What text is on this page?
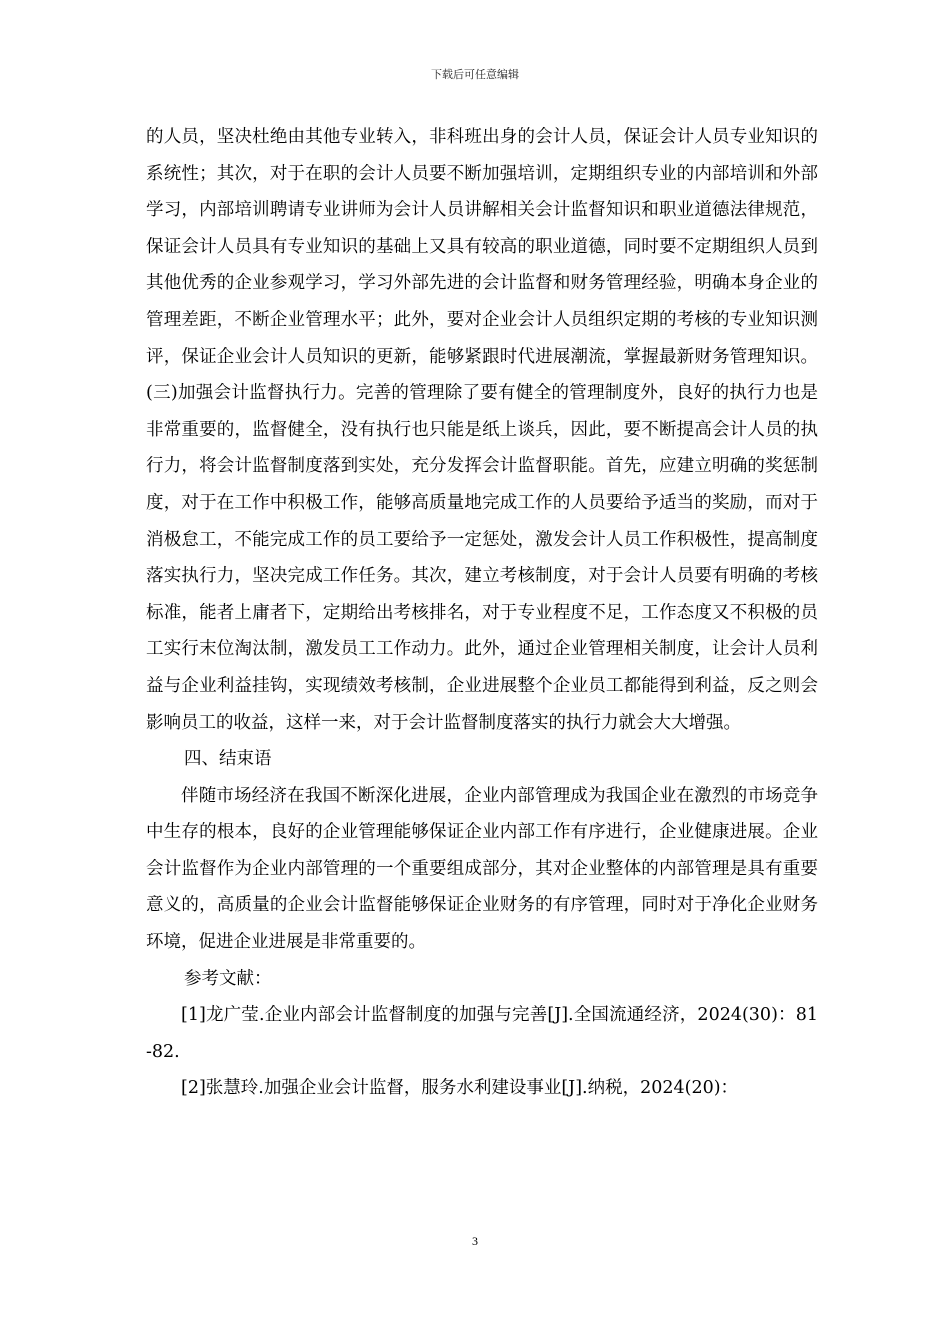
下载后可任意编辑

的人员，坚决杜绝由其他专业转入，非科班出身的会计人员，保证会计人员专业知识的系统性；其次，对于在职的会计人员要不断加强培训，定期组织专业的内部培训和外部学习，内部培训聘请专业讲师为会计人员讲解相关会计监督知识和职业道德法律规范，保证会计人员具有专业知识的基础上又具有较高的职业道德，同时要不定期组织人员到其他优秀的企业参观学习，学习外部先进的会计监督和财务管理经验，明确本身企业的管理差距，不断企业管理水平；此外，要对企业会计人员组织定期的考核的专业知识测评，保证企业会计人员知识的更新，能够紧跟时代进展潮流，掌握最新财务管理知识。(三)加强会计监督执行力。完善的管理除了要有健全的管理制度外，良好的执行力也是非常重要的，监督健全，没有执行也只能是纸上谈兵，因此，要不断提高会计人员的执行力，将会计监督制度落到实处，充分发挥会计监督职能。首先，应建立明确的奖惩制度，对于在工作中积极工作，能够高质量地完成工作的人员要给予适当的奖励，而对于消极怠工，不能完成工作的员工要给予一定惩处，激发会计人员工作积极性，提高制度落实执行力，坚决完成工作任务。其次，建立考核制度，对于会计人员要有明确的考核标准，能者上庸者下，定期给出考核排名，对于专业程度不足，工作态度又不积极的员工实行末位淘汰制，激发员工工作动力。此外，通过企业管理相关制度，让会计人员利益与企业利益挂钩，实现绩效考核制，企业进展整个企业员工都能得到利益，反之则会影响员工的收益，这样一来，对于会计监督制度落实的执行力就会大大增强。

四、结束语

伴随市场经济在我国不断深化进展，企业内部管理成为我国企业在激烈的市场竞争中生存的根本，良好的企业管理能够保证企业内部工作有序进行，企业健康进展。企业会计监督作为企业内部管理的一个重要组成部分，其对企业整体的内部管理是具有重要意义的，高质量的企业会计监督能够保证企业财务的有序管理，同时对于净化企业财务环境，促进企业进展是非常重要的。

参考文献：

[1]龙广莹.企业内部会计监督制度的加强与完善[J].全国流通经济，2024(30)：81-82.

[2]张慧玲.加强企业会计监督，服务水利建设事业[J].纳税，2024(20)：

3
